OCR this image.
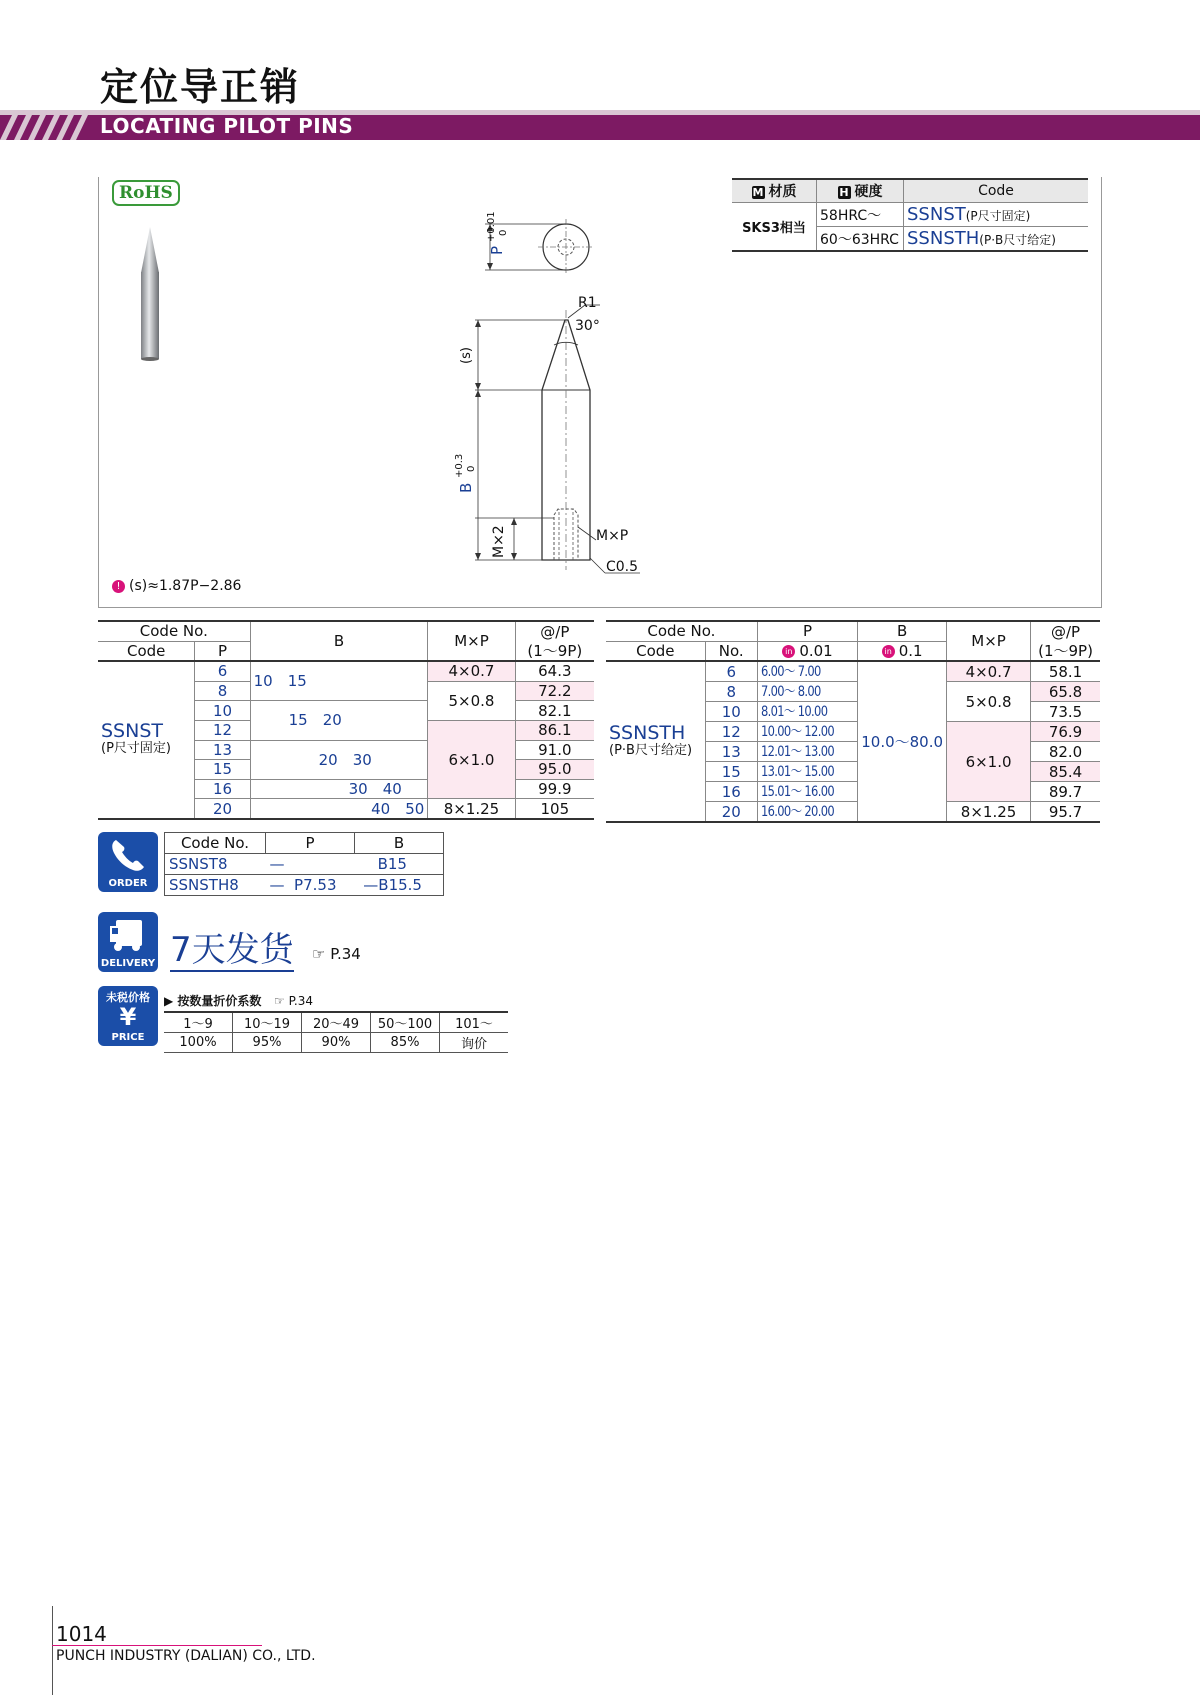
定位导正销
LOCATING PILOT PINS
RoHS
P
+0.01 0
(s)
B
+0.3 0
M×2
R1
30°
M×P
C0.5
! (s)≈1.87P−2.86
M 材质	H 硬度	Code
SKS3相当	58HRC～	SSNST(P尺寸固定)
	60～63HRC	SSNSTH(P·B尺寸给定)
Code No.		B	M×P	@/P
Code	P			(1～9P)

SSNST
(P尺寸固定)	6	10　15	4×0.7	64.3
	8		5×0.8	72.2
	10	15　20		82.1
	12		6×1.0	86.1
	13	20　30		91.0
	15			95.0
	16	30　40		99.9
	20	40　50	8×1.25	105
Code No.		P	B	M×P	@/P
Code	No.	in 0.01	in 0.1		(1～9P)

SSNSTH
(P·B尺寸给定)	6	6.00～ 7.00	10.0～80.0	4×0.7	58.1
	8	7.00～ 8.00		5×0.8	65.8
	10	8.01～ 10.00			73.5
	12	10.00～ 12.00		6×1.0	76.9
	13	12.01～ 13.00			82.0
	15	13.01～ 15.00			85.4
	16	15.01～ 16.00			89.7
	20	16.00～ 20.00		8×1.25	95.7
ORDER
Code No.	P	B
SSNST8	—	B15
SSNSTH8	— P7.53	—B15.5
DELIVERY 7天发货 ☞ P.34
未税价格
¥
PRICE
▶ 按数量折价系数 ☞ P.34
1～9	10～19	20～49	50～100	101～
100%	95%	90%	85%	询价
1014
PUNCH INDUSTRY (DALIAN) CO., LTD.
